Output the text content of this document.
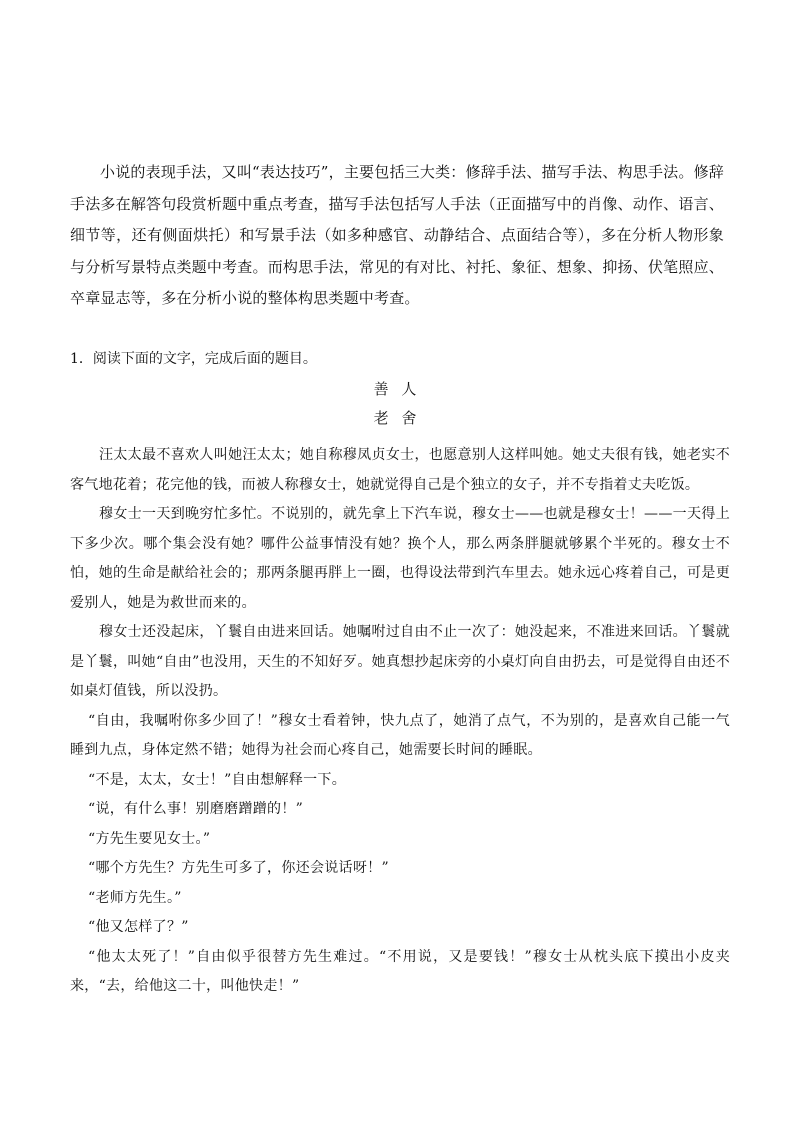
小说的表现手法，又叫“表达技巧”，主要包括三大类：修辞手法、描写手法、构思手法。修辞手法多在解答句段赏析题中重点考查，描写手法包括写人手法（正面描写中的肖像、动作、语言、细节等，还有侧面烘托）和写景手法（如多种感官、动静结合、点面结合等），多在分析人物形象与分析写景特点类题中考查。而构思手法，常见的有对比、衬托、象征、想象、抑扬、伏笔照应、卒章显志等，多在分析小说的整体构思类题中考查。

1．阅读下面的文字，完成后面的题目。
善 人
老 舍

汪太太最不喜欢人叫她汪太太；她自称穆凤贞女士，也愿意别人这样叫她。她丈夫很有钱，她老实不客气地花着；花完他的钱，而被人称穆女士，她就觉得自己是个独立的女子，并不专指着丈夫吃饭。

穆女士一天到晚穷忙多忙。不说别的，就先拿上下汽车说，穆女士——也就是穆女士！——一天得上下多少次。哪个集会没有她？哪件公益事情没有她？换个人，那么两条胖腿就够累个半死的。穆女士不怕，她的生命是献给社会的；那两条腿再胖上一圈，也得设法带到汽车里去。她永远心疼着自己，可是更爱别人，她是为救世而来的。

穆女士还没起床，丫鬟自由进来回话。她嘱咐过自由不止一次了：她没起来，不准进来回话。丫鬟就是丫鬟，叫她“自由”也没用，天生的不知好歹。她真想抄起床旁的小桌灯向自由扔去，可是觉得自由还不如桌灯值钱，所以没扔。

“自由，我嘱咐你多少回了！”穆女士看着钟，快九点了，她消了点气，不为别的，是喜欢自己能一气睡到九点，身体定然不错；她得为社会而心疼自己，她需要长时间的睡眠。

“不是，太太，女士！”自由想解释一下。

“说，有什么事！别磨磨蹭蹭的！”

“方先生要见女士。”

“哪个方先生？方先生可多了，你还会说话呀！”

“老师方先生。”

“他又怎样了？”

“他太太死了！”自由似乎很替方先生难过。“不用说，又是要钱！”穆女士从枕头底下摸出小皮夹来，“去，给他这二十，叫他快走！”
